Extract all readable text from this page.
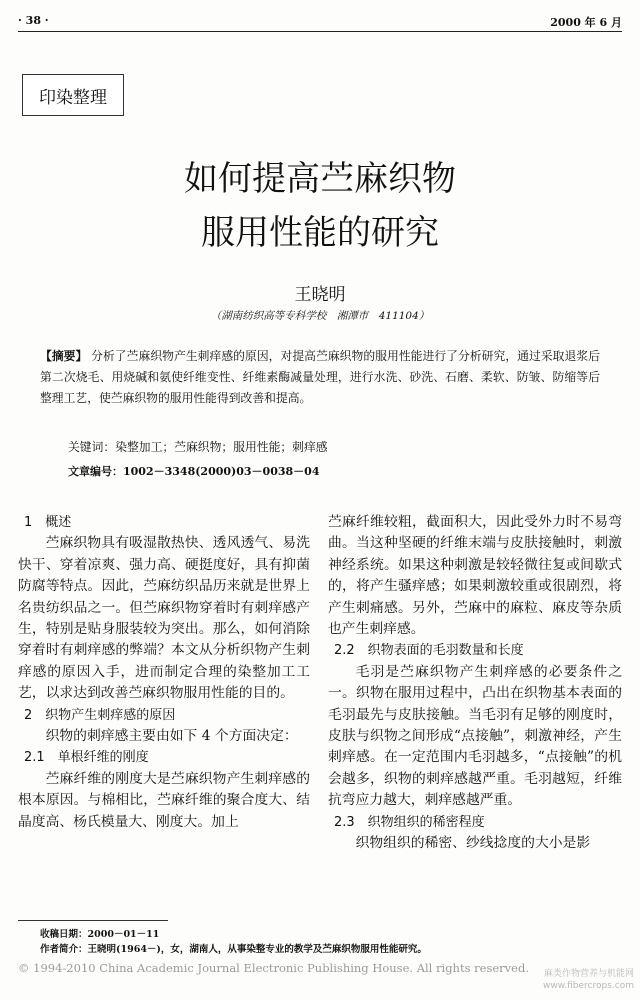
· 38 ·	2000 年 6 月
印染整理
如何提高苎麻织物
服用性能的研究
王晓明
（湖南纺织高等专科学校　湘潭市　411104）
【摘要】 分析了苎麻织物产生刺痒感的原因，对提高苎麻织物的服用性能进行了分析研究，通过采取退浆后第二次烧毛、用烧碱和氨使纤维变性、纤维素酶减量处理，进行水洗、砂洗、石磨、柔软、防皱、防缩等后整理工艺，使苎麻织物的服用性能得到改善和提高。
关键词：染整加工；苎麻织物；服用性能；刺痒感
文章编号：1002－3348(2000)03－0038－04
1　概述

苎麻织物具有吸湿散热快、透风透气、易洗快干、穿着凉爽、强力高、硬挺度好，具有抑菌防腐等特点。因此，苎麻纺织品历来就是世界上名贵纺织品之一。但苎麻织物穿着时有刺痒感产生，特别是贴身服装较为突出。那么，如何消除穿着时有刺痒感的弊端？本文从分析织物产生刺痒感的原因入手，进而制定合理的染整加工工艺，以求达到改善苎麻织物服用性能的目的。

2　织物产生刺痒感的原因

织物的刺痒感主要由如下 4 个方面决定：

2.1　单根纤维的刚度

苎麻纤维的刚度大是苎麻织物产生刺痒感的根本原因。与棉相比，苎麻纤维的聚合度大、结晶度高、杨氏模量大、刚度大。加上

苎麻纤维较粗，截面积大，因此受外力时不易弯曲。当这种坚硬的纤维末端与皮肤接触时，刺激神经系统。如果这种刺激是较轻微往复或间歇式的，将产生骚痒感；如果刺激较重或很剧烈，将产生刺痛感。另外，苎麻中的麻粒、麻皮等杂质也产生刺痒感。

2.2　织物表面的毛羽数量和长度

毛羽是苎麻织物产生刺痒感的必要条件之一。织物在服用过程中，凸出在织物基本表面的毛羽最先与皮肤接触。当毛羽有足够的刚度时，皮肤与织物之间形成“点接触”，刺激神经，产生刺痒感。在一定范围内毛羽越多，“点接触”的机会越多，织物的刺痒感越严重。毛羽越短，纤维抗弯应力越大，刺痒感越严重。

2.3　织物组织的稀密程度

织物组织的稀密、纱线捻度的大小是影

收稿日期：2000－01－11
作者简介：王晓明(1964－)，女，湖南人，从事染整专业的教学及苎麻织物服用性能研究。
© 1994-2010 China Academic Journal Electronic Publishing House. All rights reserved.	麻类作物营养与机能网
www.fibercrops.com
